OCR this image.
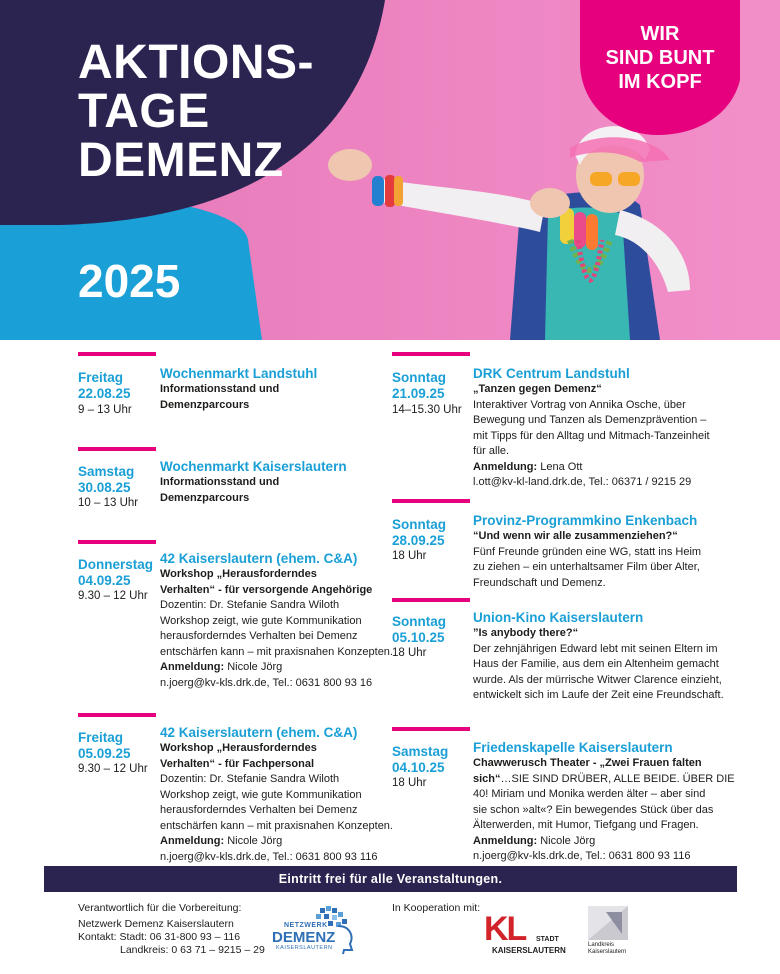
AKTIONS-
TAGE
DEMENZ
2025
WIR
SIND BUNT
IM KOPF
Freitag
22.08.25
9 – 13 Uhr
Wochenmarkt Landstuhl
Informationsstand und
Demenzparcours
Samstag
30.08.25
10 – 13 Uhr
Wochenmarkt Kaiserslautern
Informationsstand und
Demenzparcours
Donnerstag
04.09.25
9.30 – 12 Uhr
42 Kaiserslautern (ehem. C&A)
Workshop „Herausforderndes
Verhalten“ - für versorgende Angehörige
Dozentin: Dr. Stefanie Sandra Wiloth
Workshop zeigt, wie gute Kommunikation
herausforderndes Verhalten bei Demenz
entschärfen kann – mit praxisnahen Konzepten.
Anmeldung: Nicole Jörg
n.joerg@kv-kls.drk.de, Tel.: 0631 800 93 16
Freitag
05.09.25
9.30 – 12 Uhr
42 Kaiserslautern (ehem. C&A)
Workshop „Herausforderndes
Verhalten“ - für Fachpersonal
Dozentin: Dr. Stefanie Sandra Wiloth
Workshop zeigt, wie gute Kommunikation
herausforderndes Verhalten bei Demenz
entschärfen kann – mit praxisnahen Konzepten.
Anmeldung: Nicole Jörg
n.joerg@kv-kls.drk.de, Tel.: 0631 800 93 116
Sonntag
21.09.25
14–15.30 Uhr
DRK Centrum Landstuhl
„Tanzen gegen Demenz“
Interaktiver Vortrag von Annika Osche, über
Bewegung und Tanzen als Demenzprävention –
mit Tipps für den Alltag und Mitmach-Tanzeinheit
für alle.
Anmeldung: Lena Ott
l.ott@kv-kl-land.drk.de, Tel.: 06371 / 9215 29
Sonntag
28.09.25
18 Uhr
Provinz-Programmkino Enkenbach
“Und wenn wir alle zusammenziehen?“
Fünf Freunde gründen eine WG, statt ins Heim
zu ziehen – ein unterhaltsamer Film über Alter,
Freundschaft und Demenz.
Sonntag
05.10.25
18 Uhr
Union-Kino Kaiserslautern
”Is anybody there?“
Der zehnjährigen Edward lebt mit seinen Eltern im
Haus der Familie, aus dem ein Altenheim gemacht
wurde. Als der mürrische Witwer Clarence einzieht,
entwickelt sich im Laufe der Zeit eine Freundschaft.
Samstag
04.10.25
18 Uhr
Friedenskapelle Kaiserslautern
Chawwerusch Theater - „Zwei Frauen falten
sich“…SIE SIND DRÜBER, ALLE BEIDE. ÜBER DIE
40! Miriam und Monika werden älter – aber sind
sie schon »alt«? Ein bewegendes Stück über das
Älterwerden, mit Humor, Tiefgang und Fragen.
Anmeldung: Nicole Jörg
n.joerg@kv-kls.drk.de, Tel.: 0631 800 93 116
Eintritt frei für alle Veranstaltungen.
Verantwortlich für die Vorbereitung:
Netzwerk Demenz Kaiserslautern
Kontakt: Stadt: 06 31-800 93 – 116
Landkreis: 0 63 71 – 9215 – 29
NETZWERK
DEMENZ
KAISERSLAUTERN
In Kooperation mit:
KL STADT
KAISERSLAUTERN
Landkreis
Kaiserslautern
